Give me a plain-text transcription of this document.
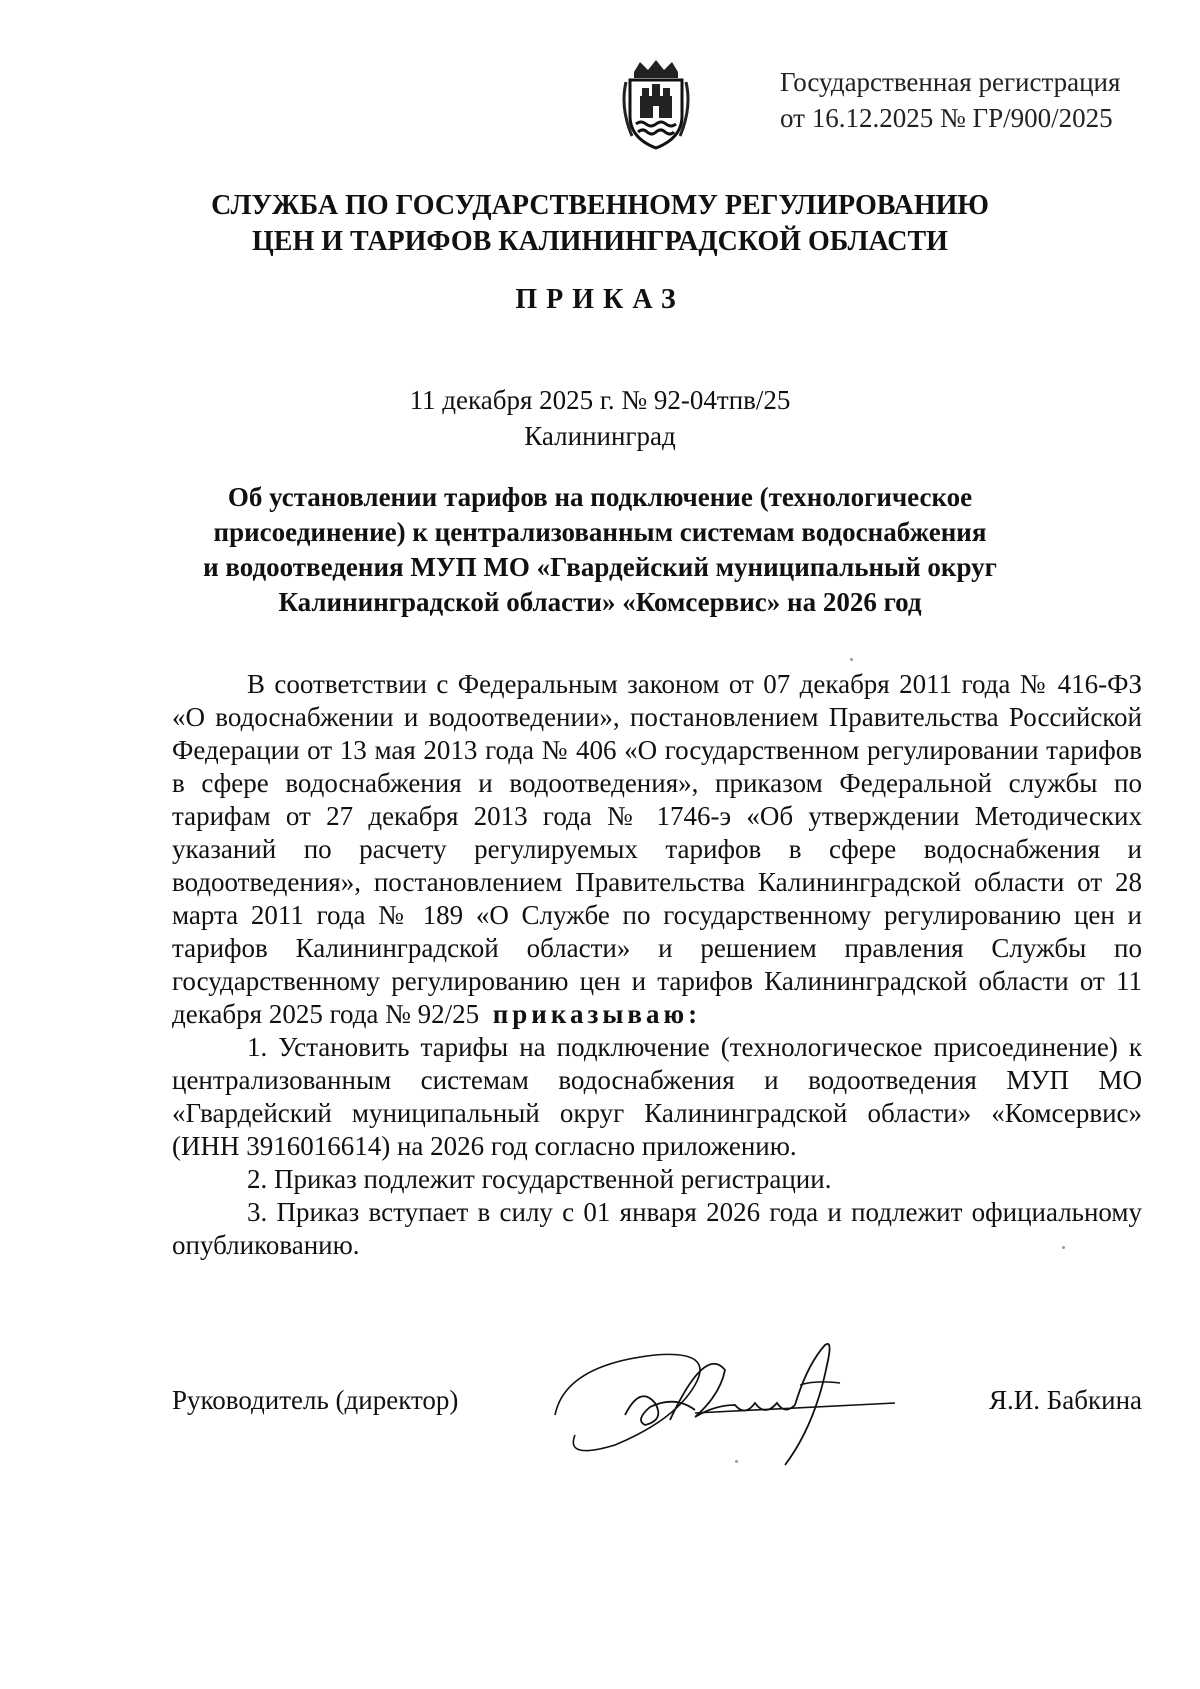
Государственная регистрация
от 16.12.2025 № ГР/900/2025
СЛУЖБА ПО ГОСУДАРСТВЕННОМУ РЕГУЛИРОВАНИЮ
ЦЕН И ТАРИФОВ КАЛИНИНГРАДСКОЙ ОБЛАСТИ
ПРИКАЗ
11 декабря 2025 г. № 92-04тпв/25
Калининград
Об установлении тарифов на подключение (технологическое
присоединение) к централизованным системам водоснабжения
и водоотведения МУП МО «Гвардейский муниципальный округ
Калининградской области» «Комсервис» на 2026 год

В соответствии с Федеральным законом от 07 декабря 2011 года № 416-ФЗ «О водоснабжении и водоотведении», постановлением Правительства Российской Федерации от 13 мая 2013 года № 406 «О государственном регулировании тарифов в сфере водоснабжения и водоотведения», приказом Федеральной службы по тарифам от 27 декабря 2013 года № 1746-э «Об утверждении Методических указаний по расчету регулируемых тарифов в сфере водоснабжения и водоотведения», постановлением Правительства Калининградской области от 28 марта 2011 года № 189 «О Службе по государственному регулированию цен и тарифов Калининградской области» и решением правления Службы по государственному регулированию цен и тарифов Калининградской области от 11 декабря 2025 года № 92/25 приказываю:

1. Установить тарифы на подключение (технологическое присоединение) к централизованным системам водоснабжения и водоотведения МУП МО «Гвардейский муниципальный округ Калининградской области» «Комсервис» (ИНН 3916016614) на 2026 год согласно приложению.

2. Приказ подлежит государственной регистрации.

3. Приказ вступает в силу с 01 января 2026 года и подлежит официальному опубликованию.

Руководитель (директор)	Я.И. Бабкина
